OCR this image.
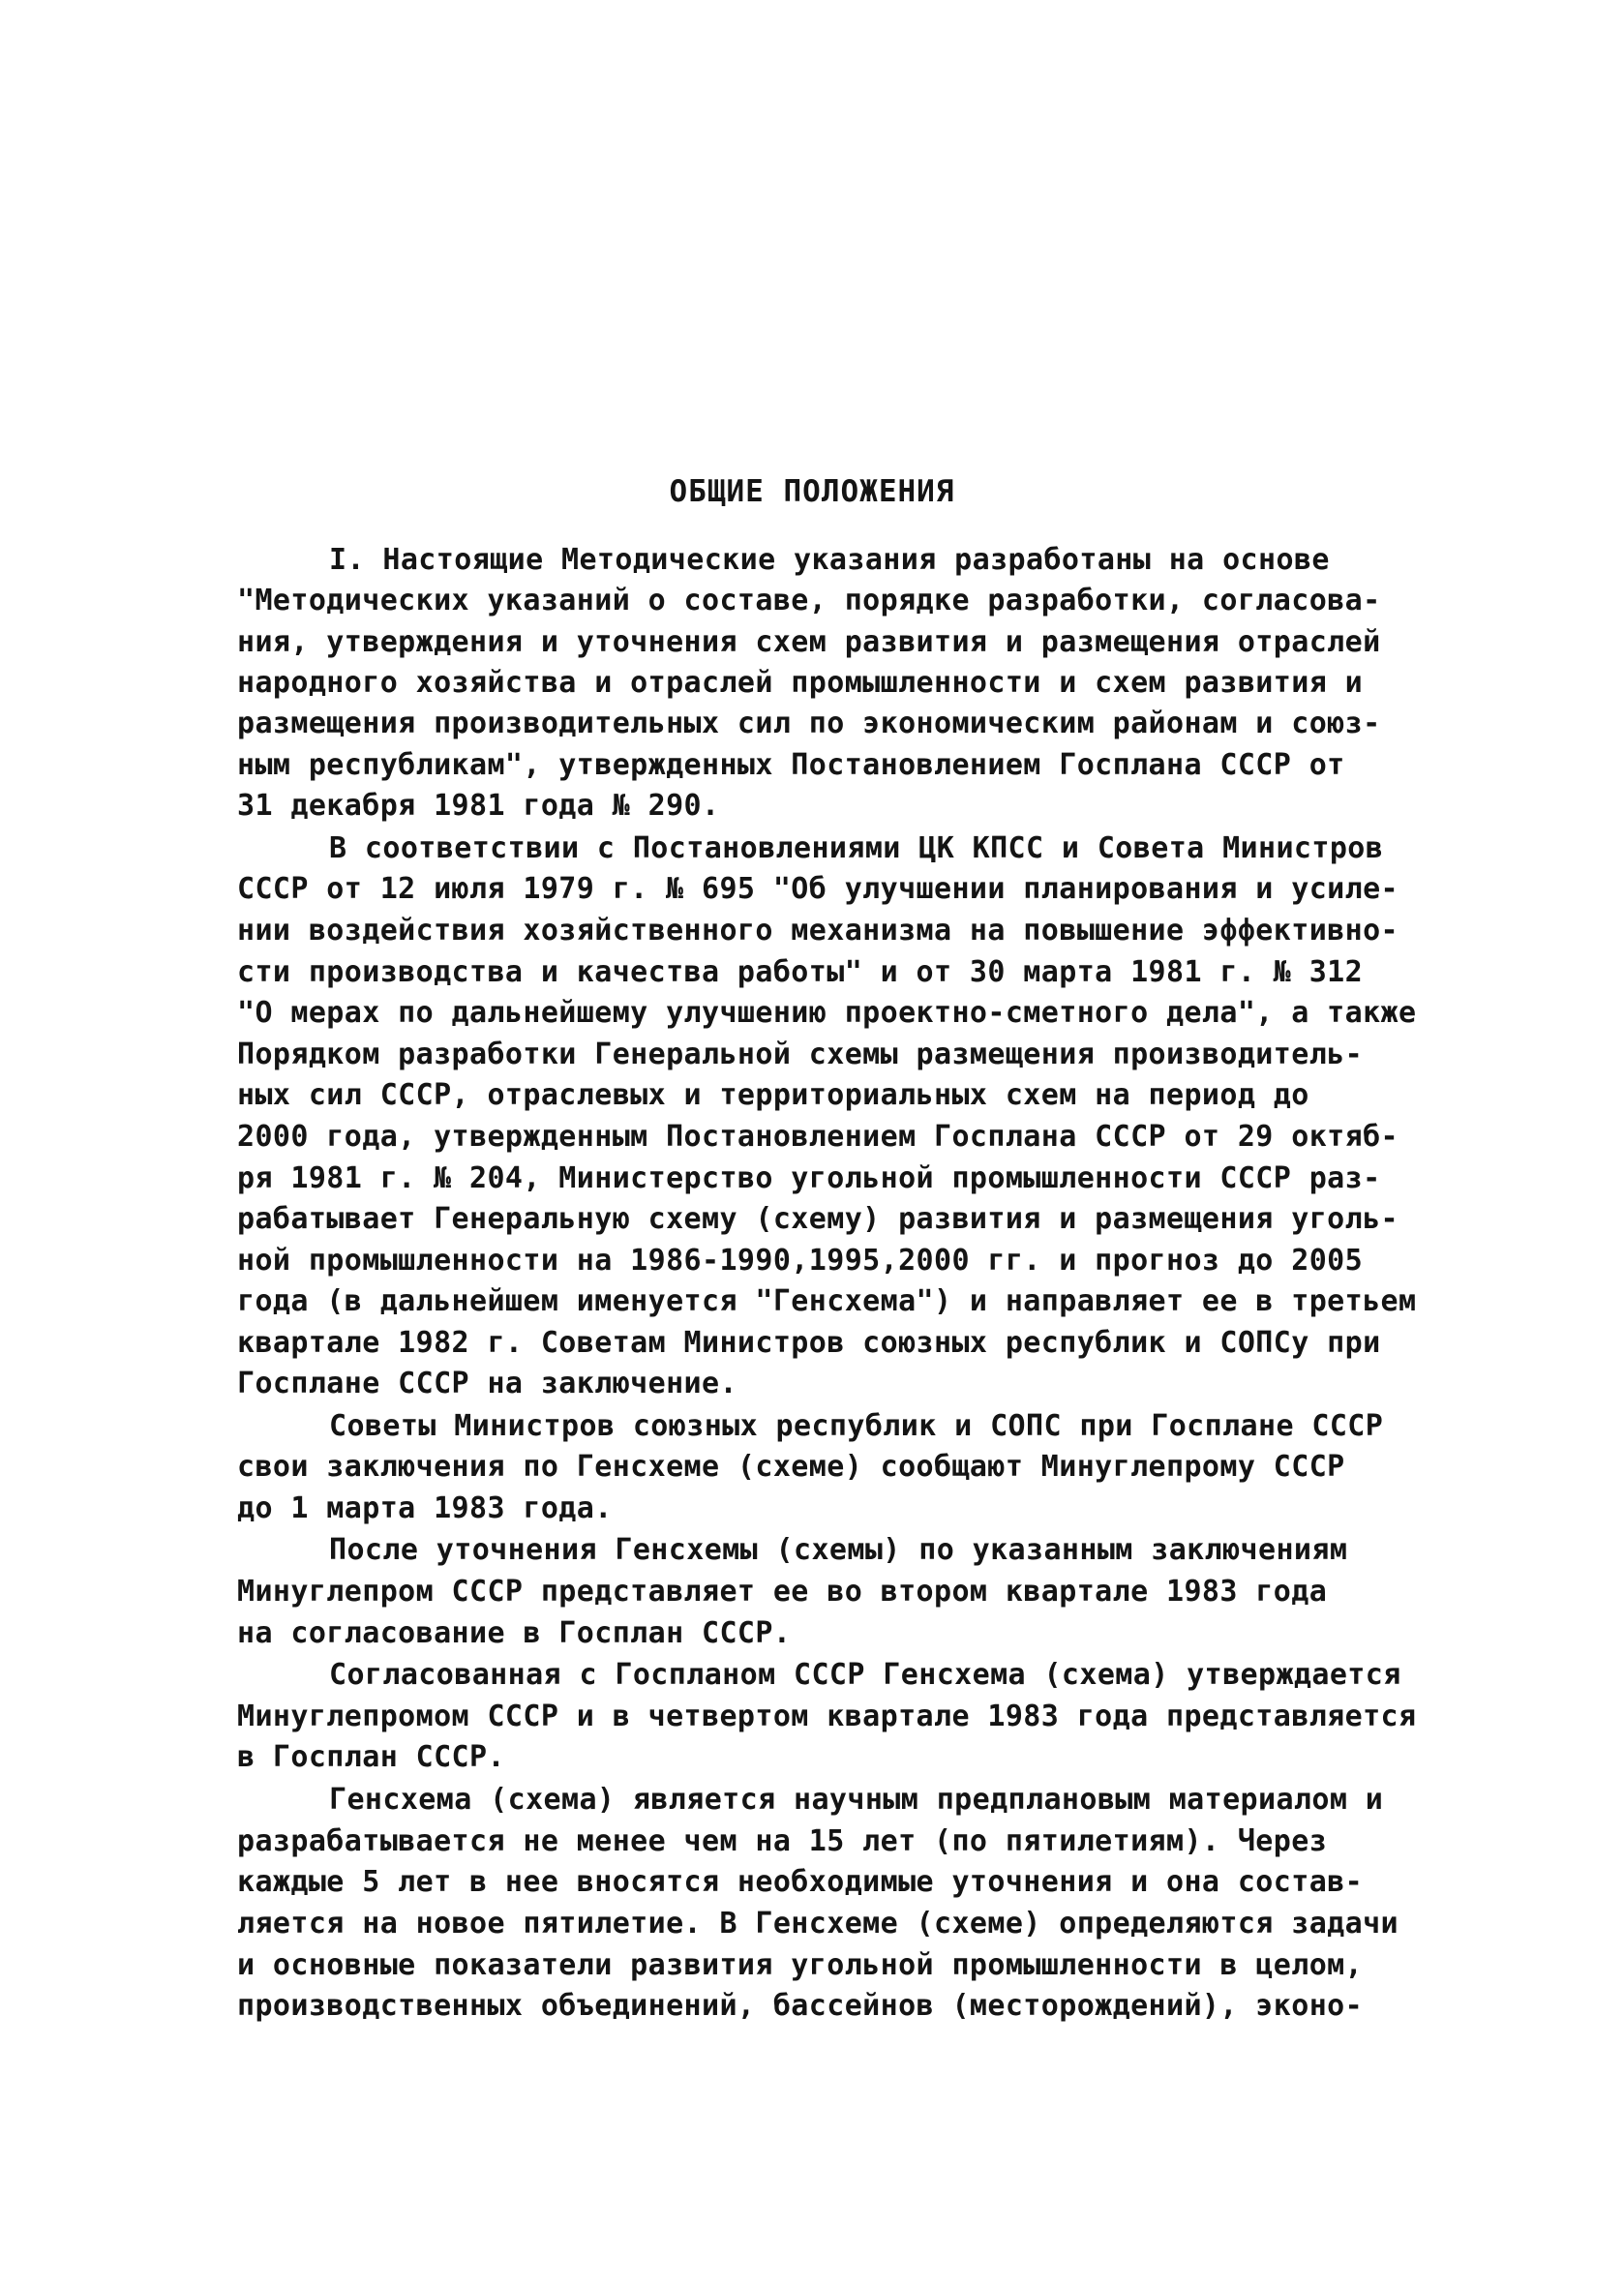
ОБЩИЕ ПОЛОЖЕНИЯ
I. Настоящие Методические указания разработаны на основе
"Методических указаний о составе, порядке разработки, согласова-
ния, утверждения и уточнения схем развития и размещения отраслей
народного хозяйства и отраслей промышленности и схем развития и
размещения производительных сил по экономическим районам и союз-
ным республикам", утвержденных Постановлением Госплана СССР от
31 декабря 1981 года № 290.
В соответствии с Постановлениями ЦК КПСС и Совета Министров
СССР от 12 июля 1979 г. № 695 "Об улучшении планирования и усиле-
нии воздействия хозяйственного механизма на повышение эффективно-
сти производства и качества работы" и от 30 марта 1981 г. № 312
"О мерах по дальнейшему улучшению проектно-сметного дела", а также
Порядком разработки Генеральной схемы размещения производитель-
ных сил СССР, отраслевых и территориальных схем на период до
2000 года, утвержденным Постановлением Госплана СССР от 29 октяб-
ря 1981 г. № 204, Министерство угольной промышленности СССР раз-
рабатывает Генеральную схему (схему) развития и размещения уголь-
ной промышленности на 1986-1990,1995,2000 гг. и прогноз до 2005
года (в дальнейшем именуется "Генсхема") и направляет ее в третьем
квартале 1982 г. Советам Министров союзных республик и СОПСу при
Госплане СССР на заключение.
Советы Министров союзных республик и СОПС при Госплане СССР
свои заключения по Генсхеме (схеме) сообщают Минуглепрому СССР
до 1 марта 1983 года.
После уточнения Генсхемы (схемы) по указанным заключениям
Минуглепром СССР представляет ее во втором квартале 1983 года
на согласование в Госплан СССР.
Согласованная с Госпланом СССР Генсхема (схема) утверждается
Минуглепромом СССР и в четвертом квартале 1983 года представляется
в Госплан СССР.
Генсхема (схема) является научным предплановым материалом и
разрабатывается не менее чем на 15 лет (по пятилетиям). Через
каждые 5 лет в нее вносятся необходимые уточнения и она состав-
ляется на новое пятилетие. В Генсхеме (схеме) определяются задачи
и основные показатели развития угольной промышленности в целом,
производственных объединений, бассейнов (месторождений), эконо-
